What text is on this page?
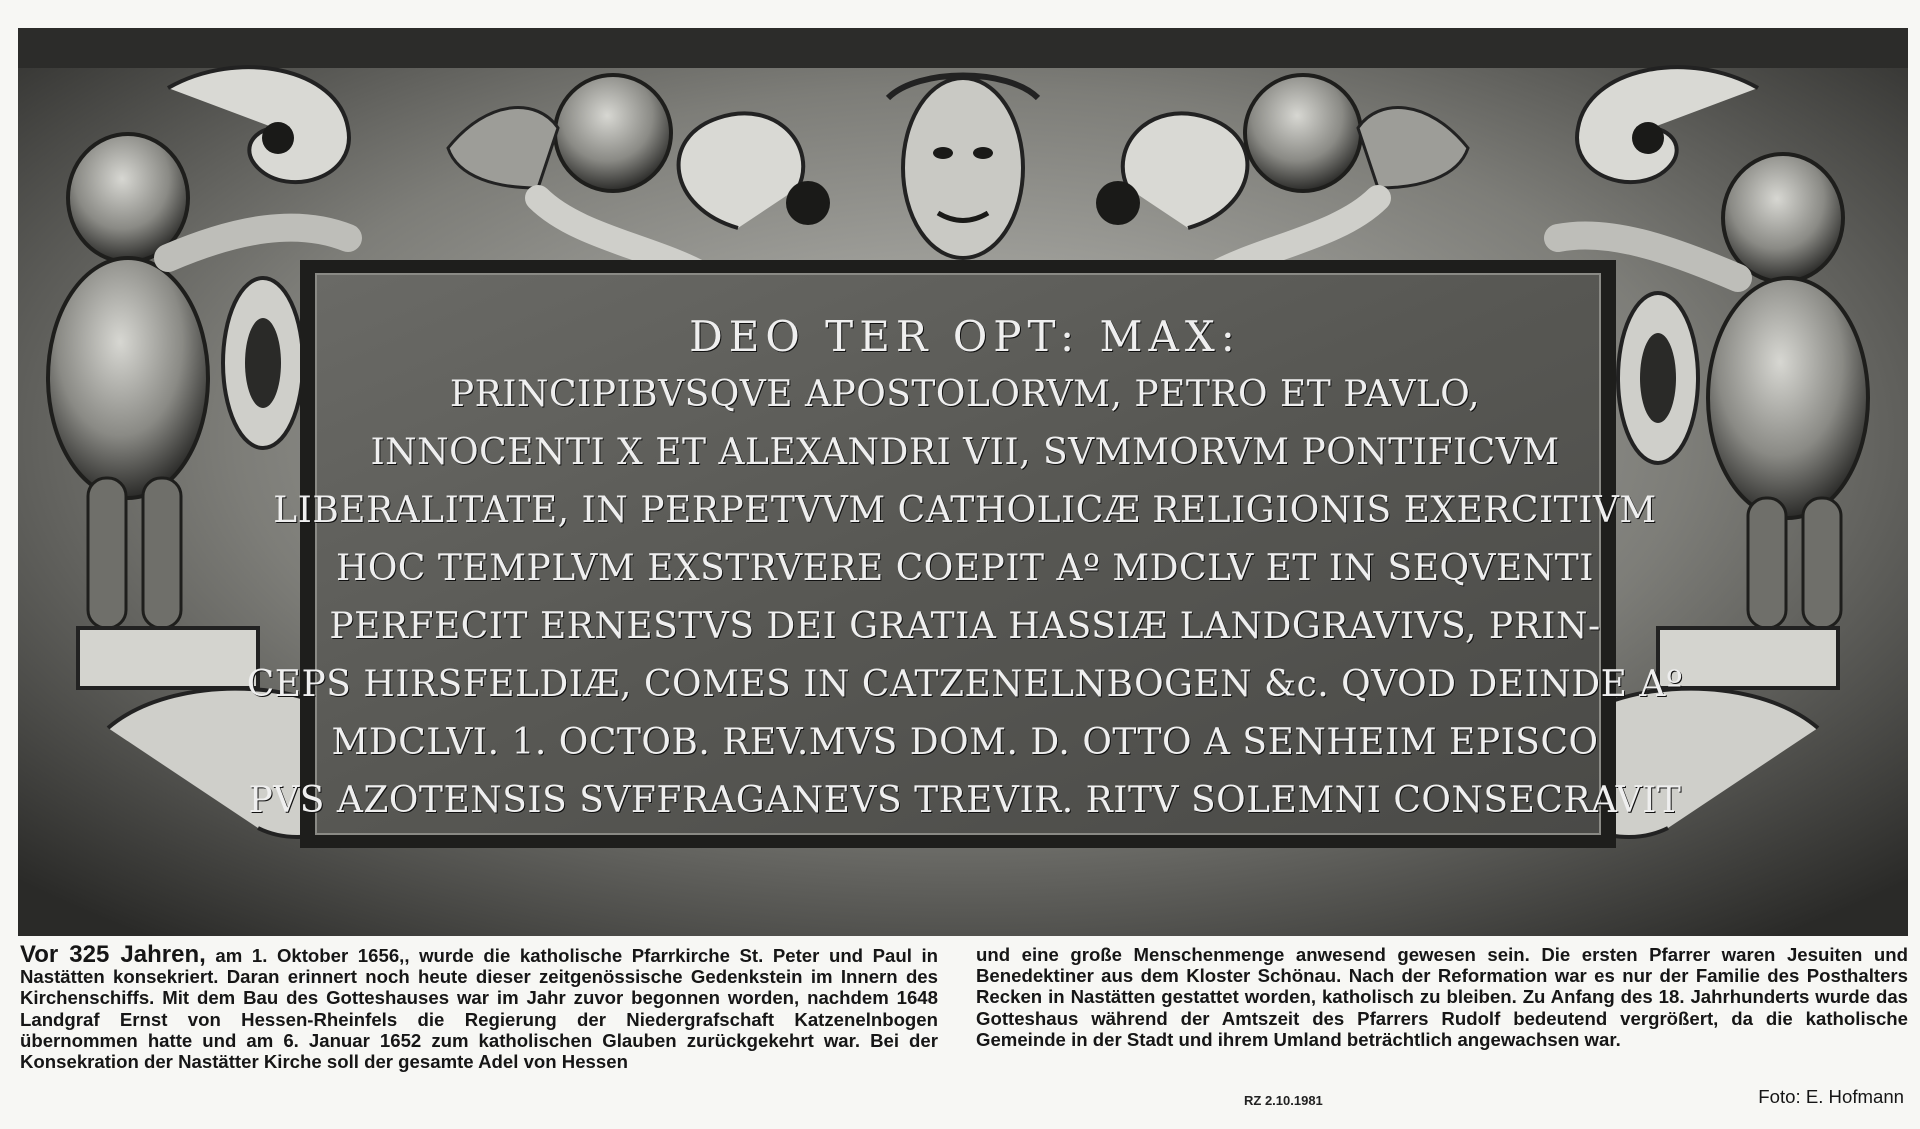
DEO TER OPT: MAX:
PRINCIPIBVSQVE APOSTOLORVM, PETRO ET PAVLO,
INNOCENTI X ET ALEXANDRI VII, SVMMORVM PONTIFICVM
LIBERALITATE, IN PERPETVVM CATHOLICÆ RELIGIONIS EXERCITIVM
HOC TEMPLVM EXSTRVERE COEPIT Aº MDCLV ET IN SEQVENTI
PERFECIT ERNESTVS DEI GRATIA HASSIÆ LANDGRAVIVS, PRIN-
CEPS HIRSFELDIÆ, COMES IN CATZENELNBOGEN &c. QVOD DEINDE Aº
MDCLVI. 1. OCTOB. REV.MVS DOM. D. OTTO A SENHEIM EPISCO
PVS AZOTENSIS SVFFRAGANEVS TREVIR. RITV SOLEMNI CONSECRAVIT
Vor 325 Jahren, am 1. Oktober 1656,, wurde die katholische Pfarrkirche St. Peter und Paul in Nastätten konsekriert. Daran erinnert noch heute dieser zeitgenössische Gedenkstein im Innern des Kirchenschiffs. Mit dem Bau des Gotteshauses war im Jahr zuvor begonnen worden, nachdem 1648 Landgraf Ernst von Hessen-Rheinfels die Regierung der Niedergrafschaft Katzenelnbogen übernommen hatte und am 6. Januar 1652 zum katholischen Glauben zurückgekehrt war. Bei der Konsekration der Nastätter Kirche soll der gesamte Adel von Hessen
und eine große Menschenmenge anwesend gewesen sein. Die ersten Pfarrer waren Jesuiten und Benedektiner aus dem Kloster Schönau. Nach der Reformation war es nur der Familie des Posthalters Recken in Nastätten gestattet worden, katholisch zu bleiben. Zu Anfang des 18. Jahrhunderts wurde das Gotteshaus während der Amtszeit des Pfarrers Rudolf bedeutend vergrößert, da die katholische Gemeinde in der Stadt und ihrem Umland beträchtlich angewachsen war.
RZ 2.10.1981	Foto: E. Hofmann
